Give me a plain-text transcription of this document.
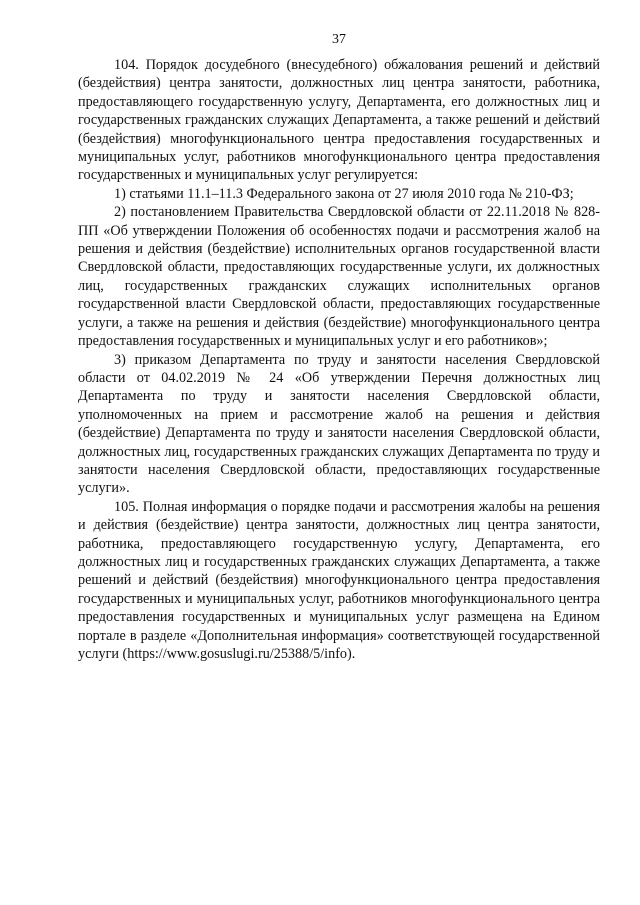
37

104. Порядок досудебного (внесудебного) обжалования решений и действий (бездействия) центра занятости, должностных лиц центра занятости, работника, предоставляющего государственную услугу, Департамента, его должностных лиц и государственных гражданских служащих Департамента, а также решений и действий (бездействия) многофункционального центра предоставления государственных и муниципальных услуг, работников многофункционального центра предоставления государственных и муниципальных услуг регулируется:

1) статьями 11.1–11.3 Федерального закона от 27 июля 2010 года № 210-ФЗ;

2) постановлением Правительства Свердловской области от 22.11.2018 № 828-ПП «Об утверждении Положения об особенностях подачи и рассмотрения жалоб на решения и действия (бездействие) исполнительных органов государственной власти Свердловской области, предоставляющих государственные услуги, их должностных лиц, государственных гражданских служащих исполнительных органов государственной власти Свердловской области, предоставляющих государственные услуги, а также на решения и действия (бездействие) многофункционального центра предоставления государственных и муниципальных услуг и его работников»;

3) приказом Департамента по труду и занятости населения Свердловской области от 04.02.2019 № 24 «Об утверждении Перечня должностных лиц Департамента по труду и занятости населения Свердловской области, уполномоченных на прием и рассмотрение жалоб на решения и действия (бездействие) Департамента по труду и занятости населения Свердловской области, должностных лиц, государственных гражданских служащих Департамента по труду и занятости населения Свердловской области, предоставляющих государственные услуги».

105. Полная информация о порядке подачи и рассмотрения жалобы на решения и действия (бездействие) центра занятости, должностных лиц центра занятости, работника, предоставляющего государственную услугу, Департамента, его должностных лиц и государственных гражданских служащих Департамента, а также решений и действий (бездействия) многофункционального центра предоставления государственных и муниципальных услуг, работников многофункционального центра предоставления государственных и муниципальных услуг размещена на Едином портале в разделе «Дополнительная информация» соответствующей государственной услуги (https://www.gosuslugi.ru/25388/5/info).
